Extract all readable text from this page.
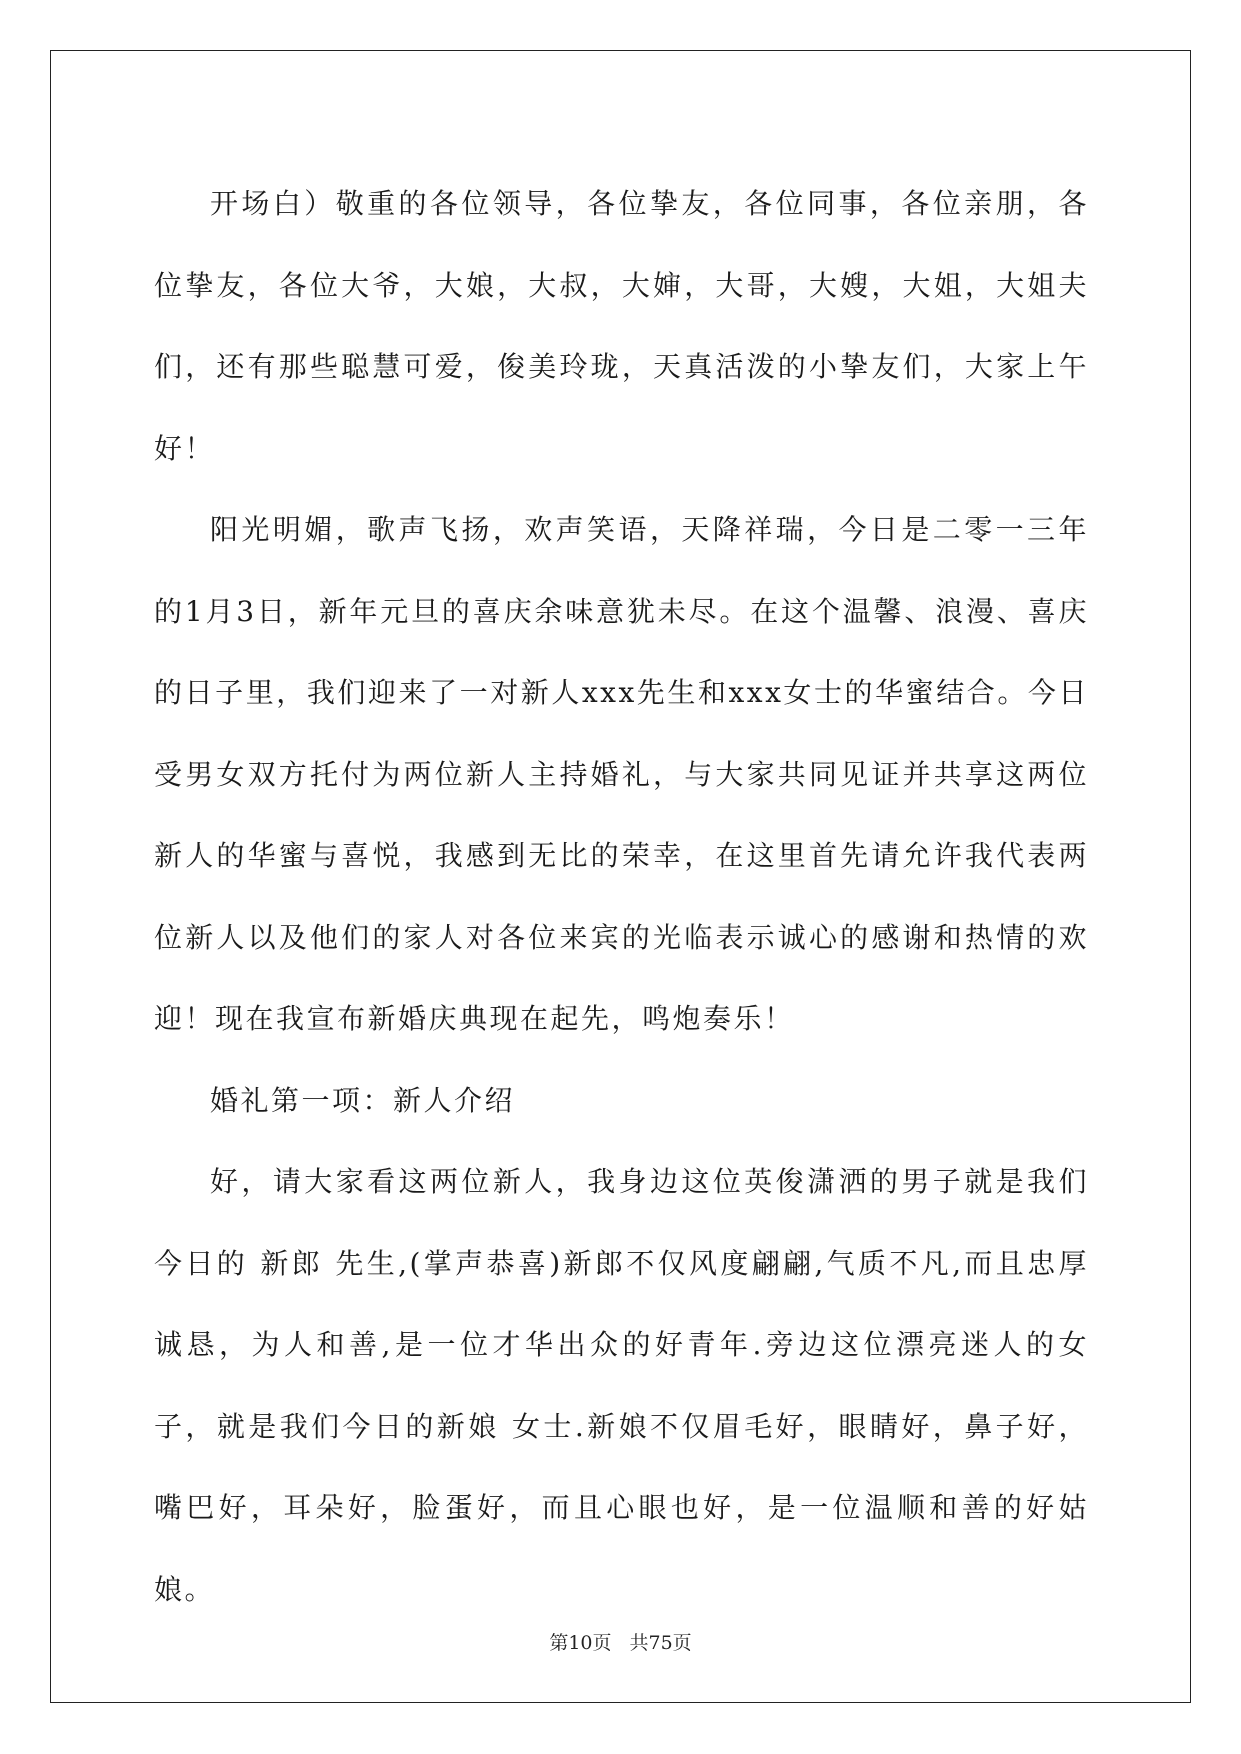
开场白）敬重的各位领导，各位挚友，各位同事，各位亲朋，各位挚友，各位大爷，大娘，大叔，大婶，大哥，大嫂，大姐，大姐夫们，还有那些聪慧可爱，俊美玲珑，天真活泼的小挚友们，大家上午好！

阳光明媚，歌声飞扬，欢声笑语，天降祥瑞，今日是二零一三年的1月3日，新年元旦的喜庆余味意犹未尽。在这个温馨、浪漫、喜庆的日子里，我们迎来了一对新人xxx先生和xxx女士的华蜜结合。今日受男女双方托付为两位新人主持婚礼，与大家共同见证并共享这两位新人的华蜜与喜悦，我感到无比的荣幸，在这里首先请允许我代表两位新人以及他们的家人对各位来宾的光临表示诚心的感谢和热情的欢迎！现在我宣布新婚庆典现在起先，鸣炮奏乐！

婚礼第一项：新人介绍

好，请大家看这两位新人，我身边这位英俊潇洒的男子就是我们今日的 新郎 先生,(掌声恭喜)新郎不仅风度翩翩,气质不凡,而且忠厚诚恳，为人和善,是一位才华出众的好青年.旁边这位漂亮迷人的女子，就是我们今日的新娘 女士.新娘不仅眉毛好，眼睛好，鼻子好，嘴巴好，耳朵好，脸蛋好，而且心眼也好，是一位温顺和善的好姑娘。

第10页 共75页
